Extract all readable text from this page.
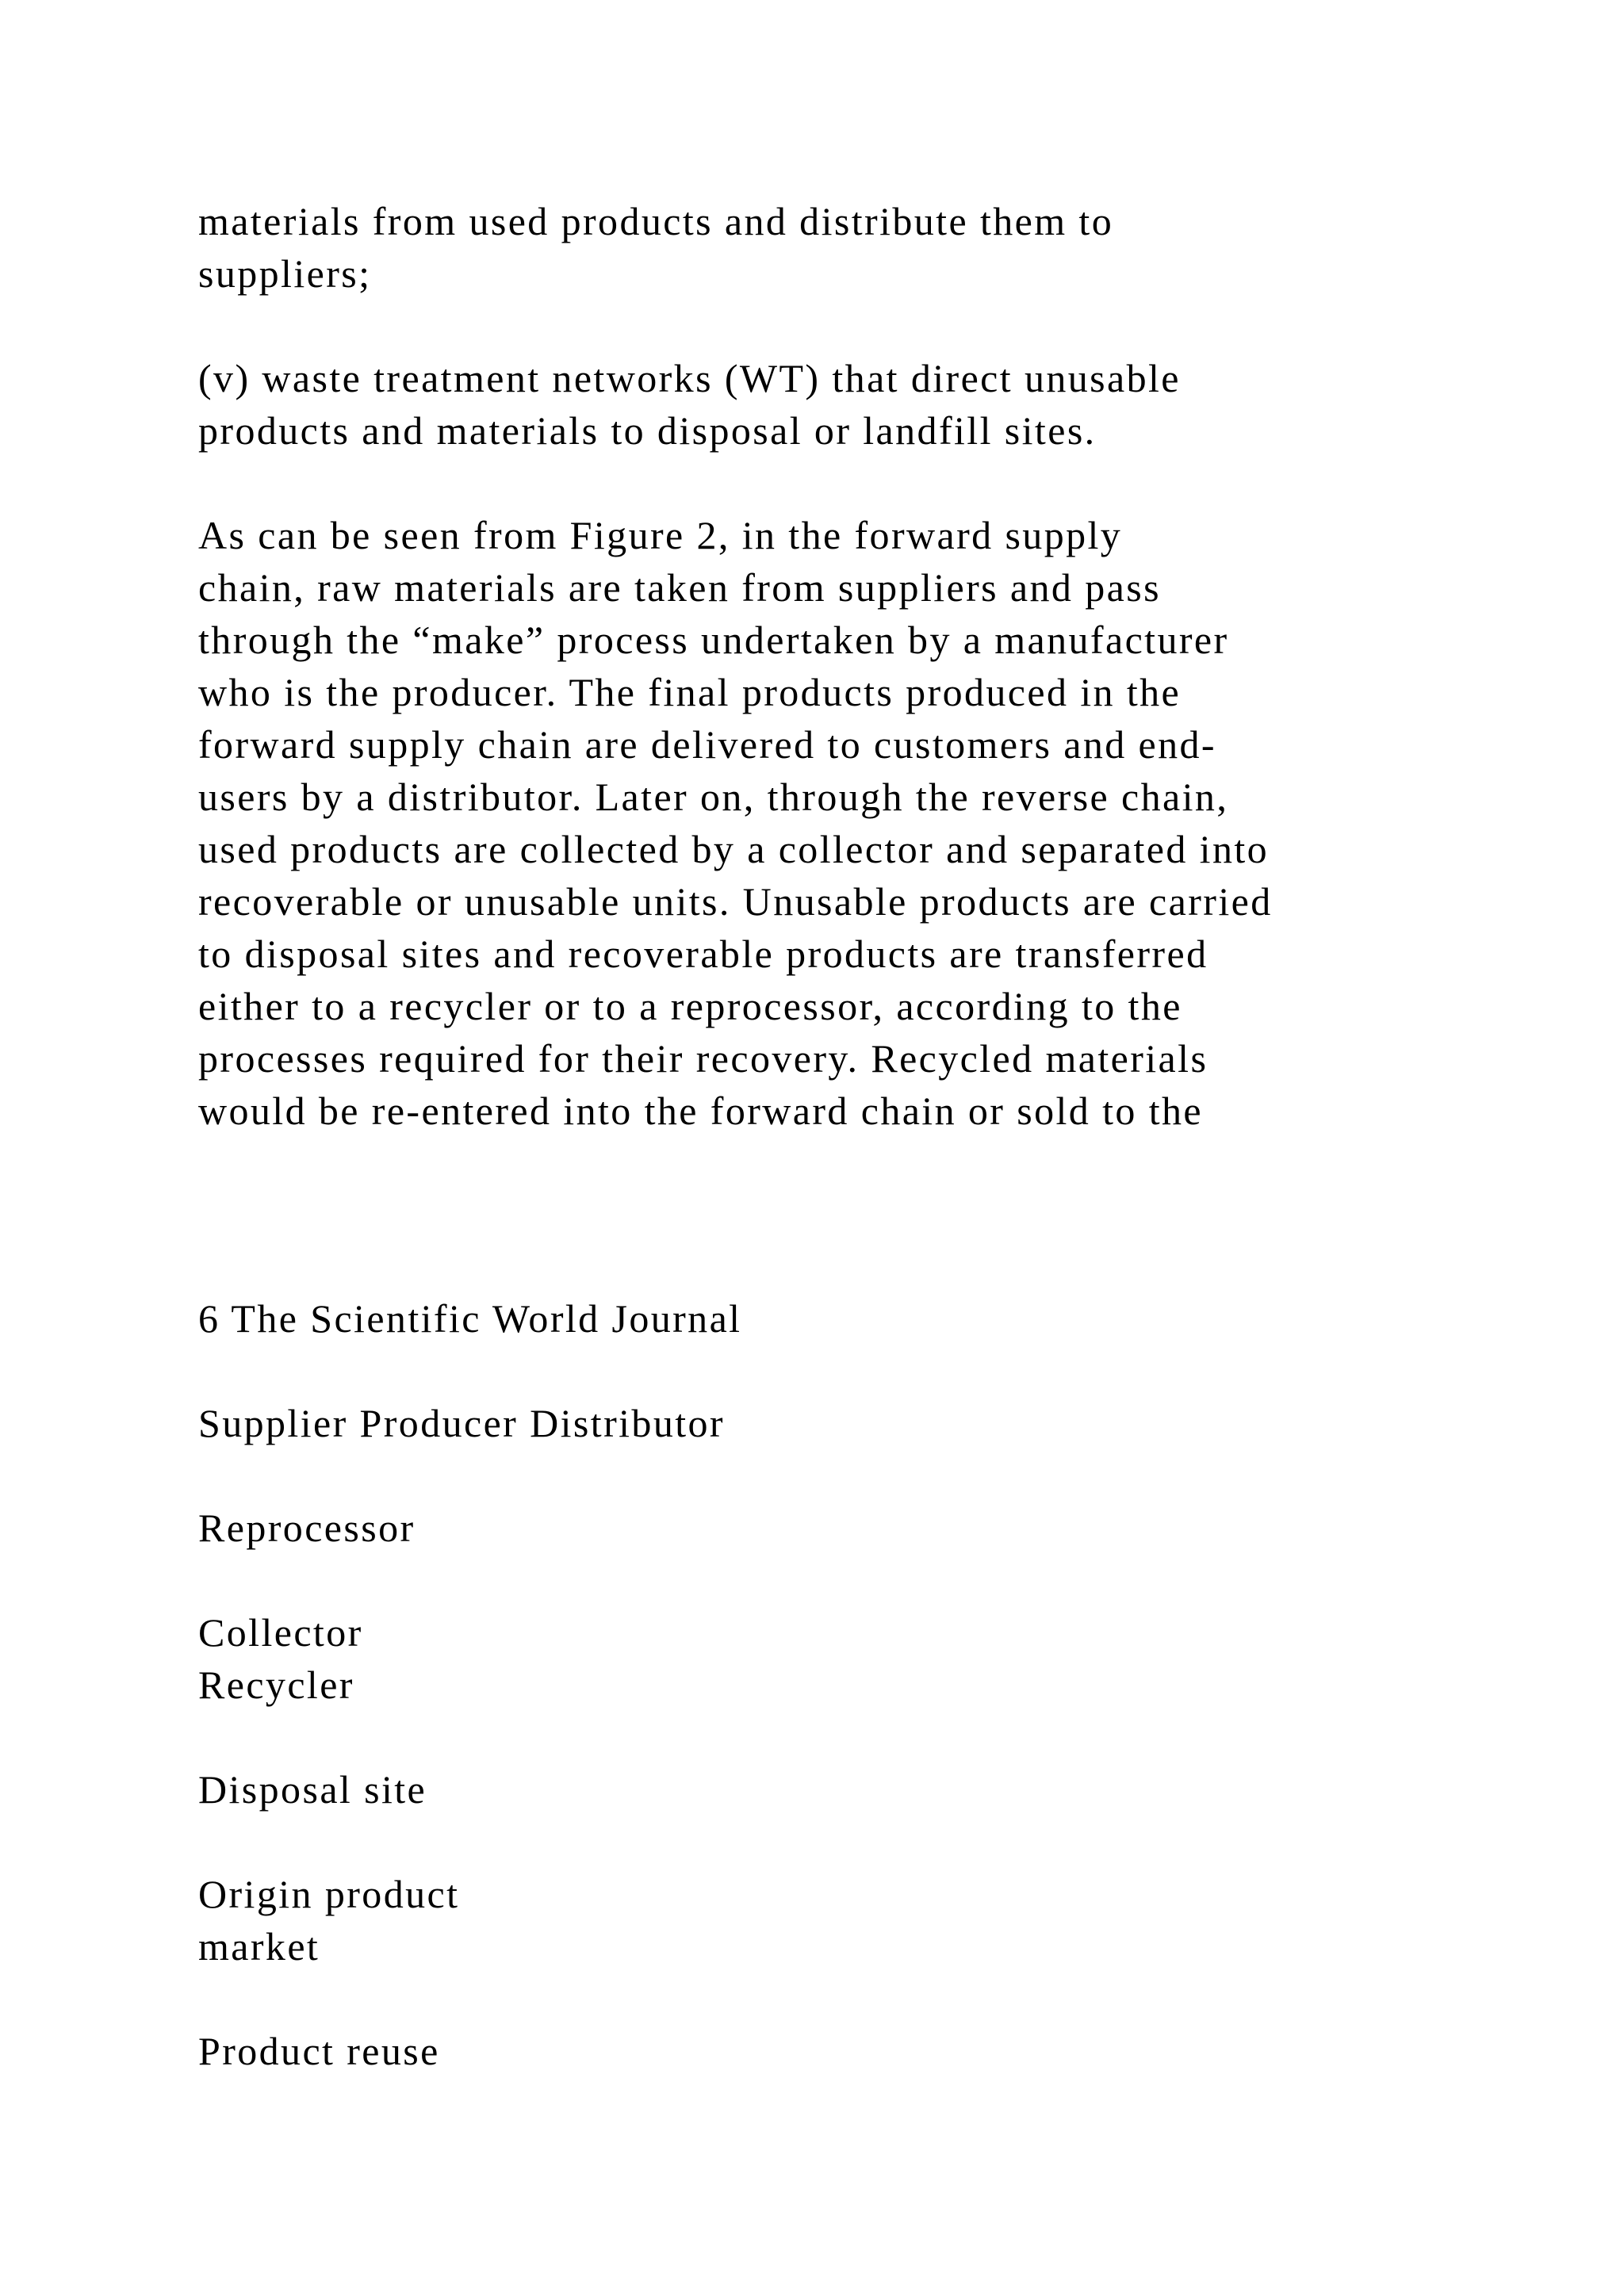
materials from used products and distribute them to
suppliers;
(v) waste treatment networks (WT) that direct unusable
products and materials to disposal or landfill sites.
As can be seen from Figure 2, in the forward supply
chain, raw materials are taken from suppliers and pass
through the “make” process undertaken by a manufacturer
who is the producer. The final products produced in the
forward supply chain are delivered to customers and end-
users by a distributor. Later on, through the reverse chain,
used products are collected by a collector and separated into
recoverable or unusable units. Unusable products are carried
to disposal sites and recoverable products are transferred
either to a recycler or to a reprocessor, according to the
processes required for their recovery. Recycled materials
would be re-entered into the forward chain or sold to the
6 The Scientific World Journal
Supplier Producer Distributor
Reprocessor
Collector
Recycler
Disposal site
Origin product
market
Product reuse
